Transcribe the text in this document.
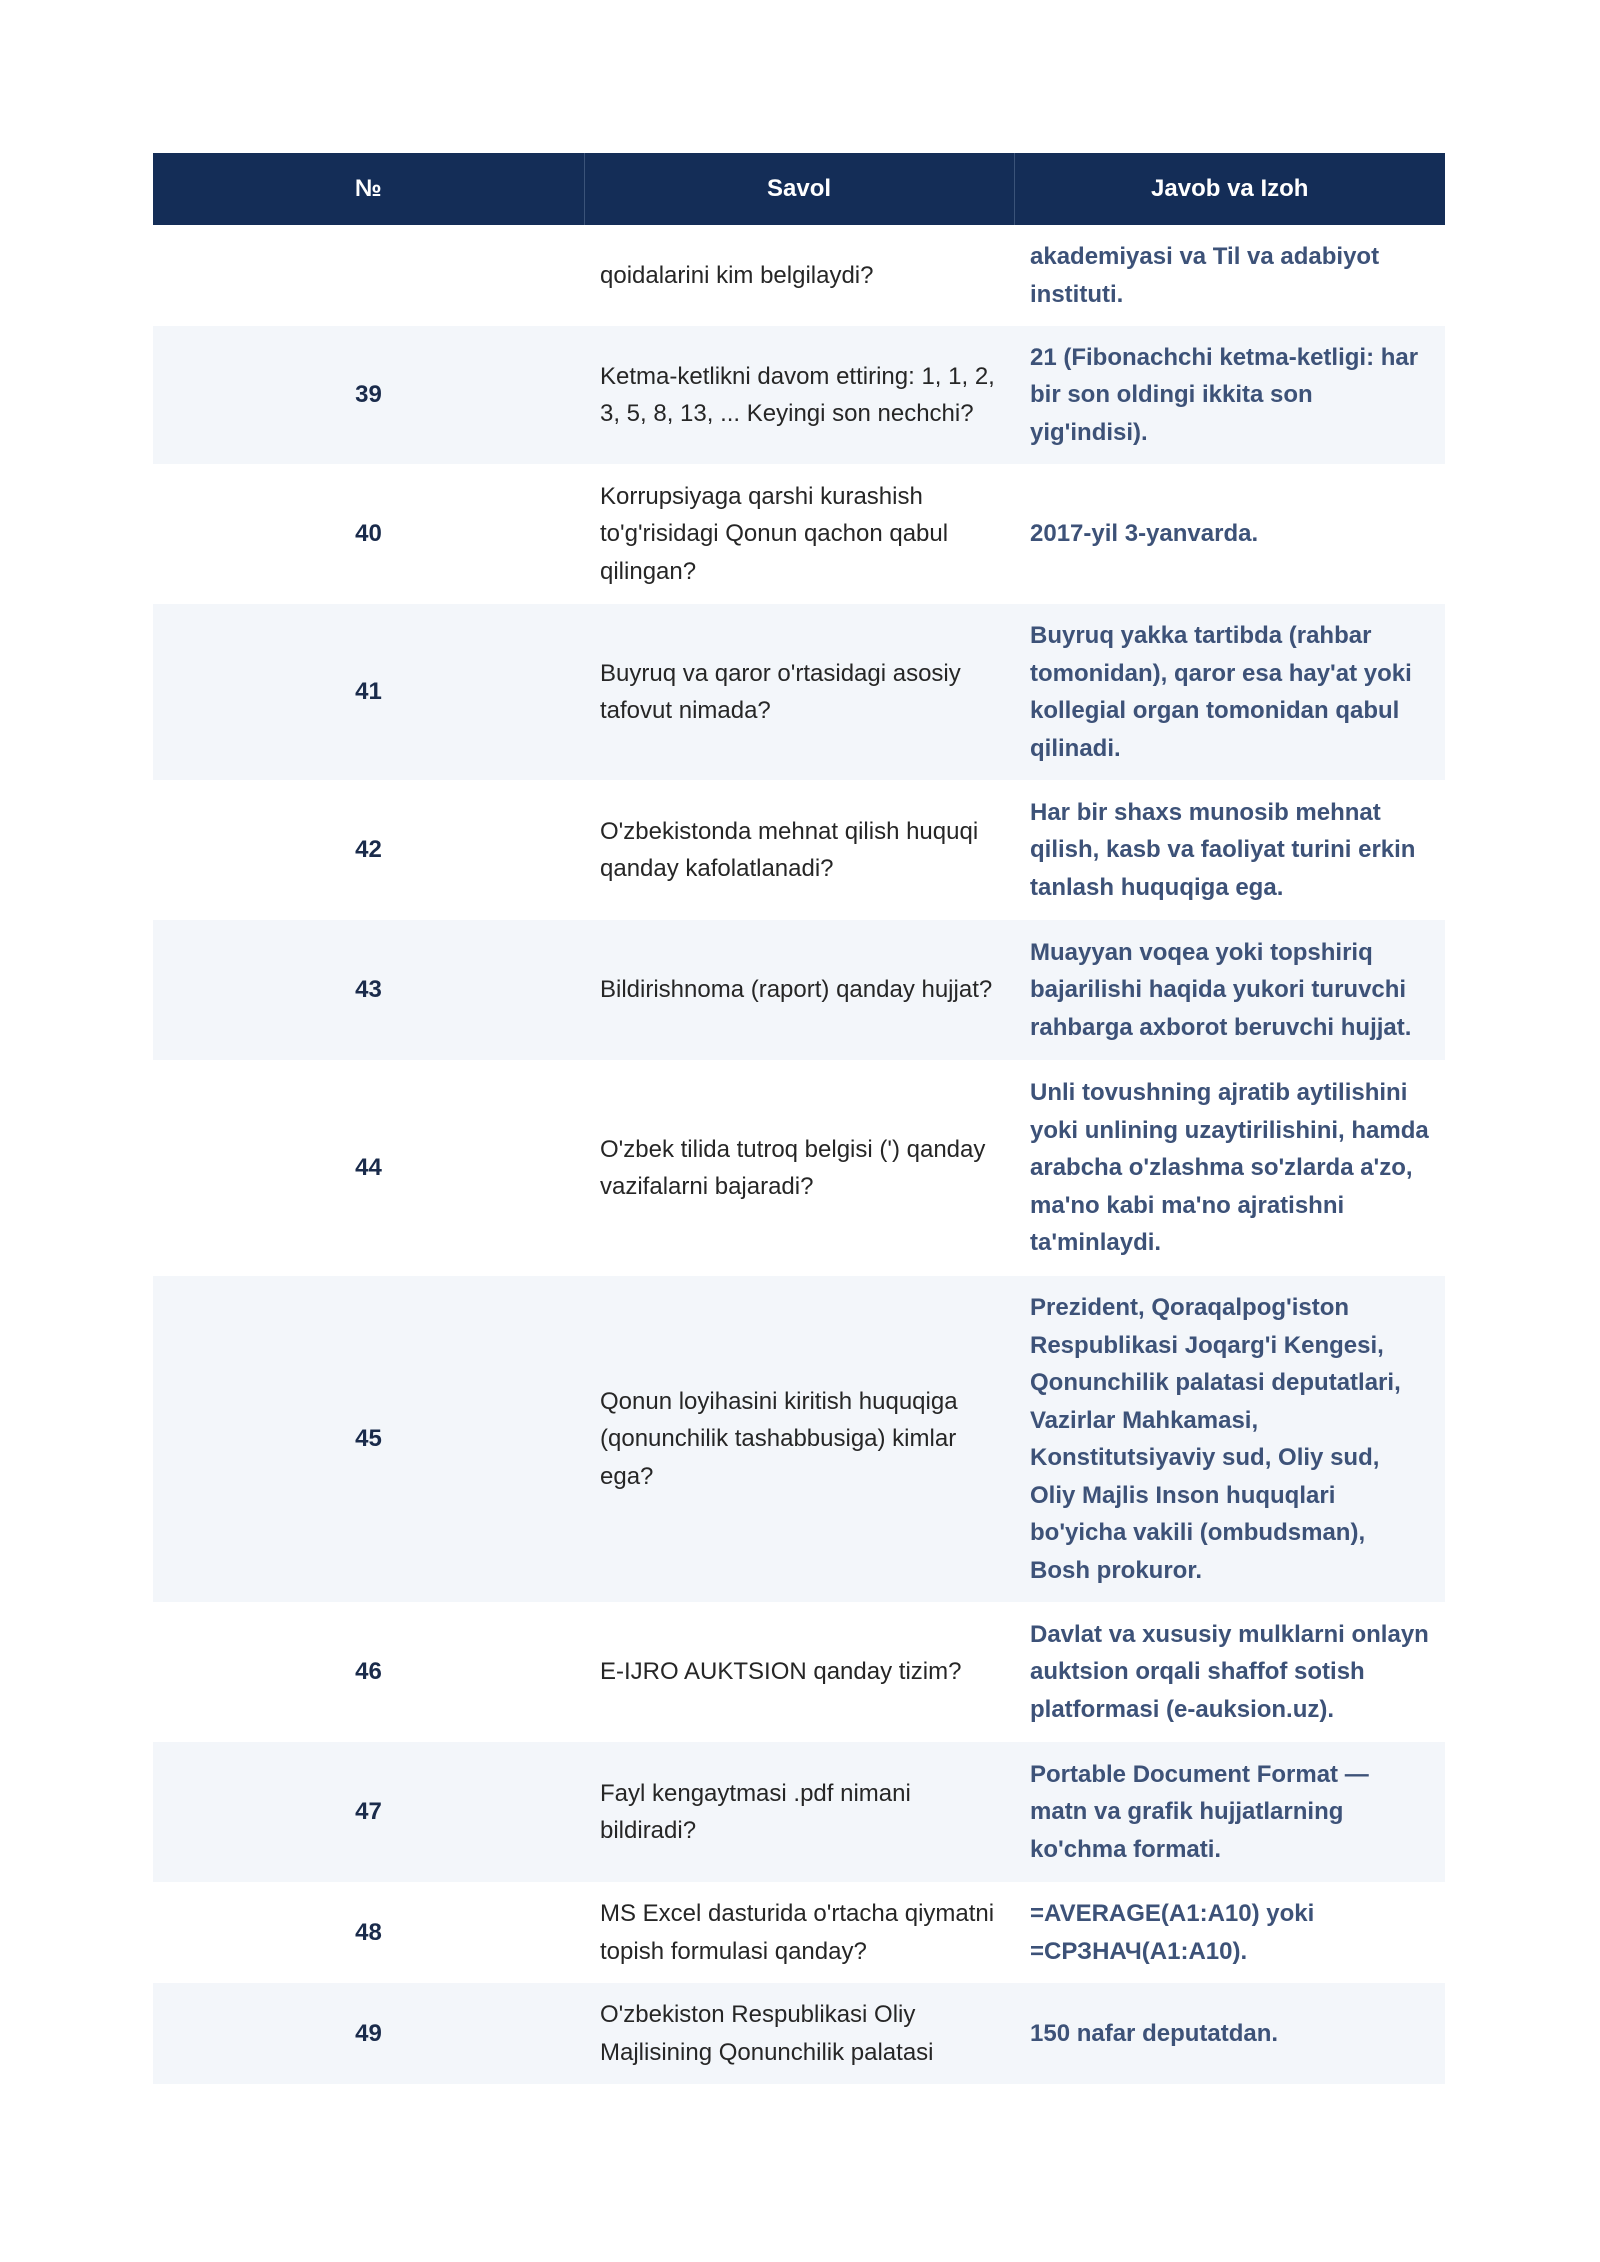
№	Savol	Javob va Izoh
	qoidalarini kim belgilaydi?	akademiyasi va Til va adabiyot instituti.
39	Ketma-ketlikni davom ettiring: 1, 1, 2, 3, 5, 8, 13, ... Keyingi son nechchi?	21 (Fibonachchi ketma-ketligi: har bir son oldingi ikkita son yig'indisi).
40	Korrupsiyaga qarshi kurashish to'g'risidagi Qonun qachon qabul qilingan?	2017-yil 3-yanvarda.
41	Buyruq va qaror o'rtasidagi asosiy tafovut nimada?	Buyruq yakka tartibda (rahbar tomonidan), qaror esa hay'at yoki kollegial organ tomonidan qabul qilinadi.
42	O'zbekistonda mehnat qilish huquqi qanday kafolatlanadi?	Har bir shaxs munosib mehnat qilish, kasb va faoliyat turini erkin tanlash huquqiga ega.
43	Bildirishnoma (raport) qanday hujjat?	Muayyan voqea yoki topshiriq bajarilishi haqida yukori turuvchi rahbarga axborot beruvchi hujjat.
44	O'zbek tilida tutroq belgisi (') qanday vazifalarni bajaradi?	Unli tovushning ajratib aytilishini yoki unlining uzaytirilishini, hamda arabcha o'zlashma so'zlarda a'zo, ma'no kabi ma'no ajratishni ta'minlaydi.
45	Qonun loyihasini kiritish huquqiga (qonunchilik tashabbusiga) kimlar ega?	Prezident, Qoraqalpog'iston Respublikasi Joqarg'i Kengesi, Qonunchilik palatasi deputatlari, Vazirlar Mahkamasi, Konstitutsiyaviy sud, Oliy sud, Oliy Majlis Inson huquqlari bo'yicha vakili (ombudsman), Bosh prokuror.
46	E-IJRO AUKTSION qanday tizim?	Davlat va xususiy mulklarni onlayn auktsion orqali shaffof sotish platformasi (e-auksion.uz).
47	Fayl kengaytmasi .pdf nimani bildiradi?	Portable Document Format — matn va grafik hujjatlarning ko'chma formati.
48	MS Excel dasturida o'rtacha qiymatni topish formulasi qanday?	=AVERAGE(A1:A10) yoki =СРЗНАЧ(A1:A10).
49	O'zbekiston Respublikasi Oliy Majlisining Qonunchilik palatasi	150 nafar deputatdan.
